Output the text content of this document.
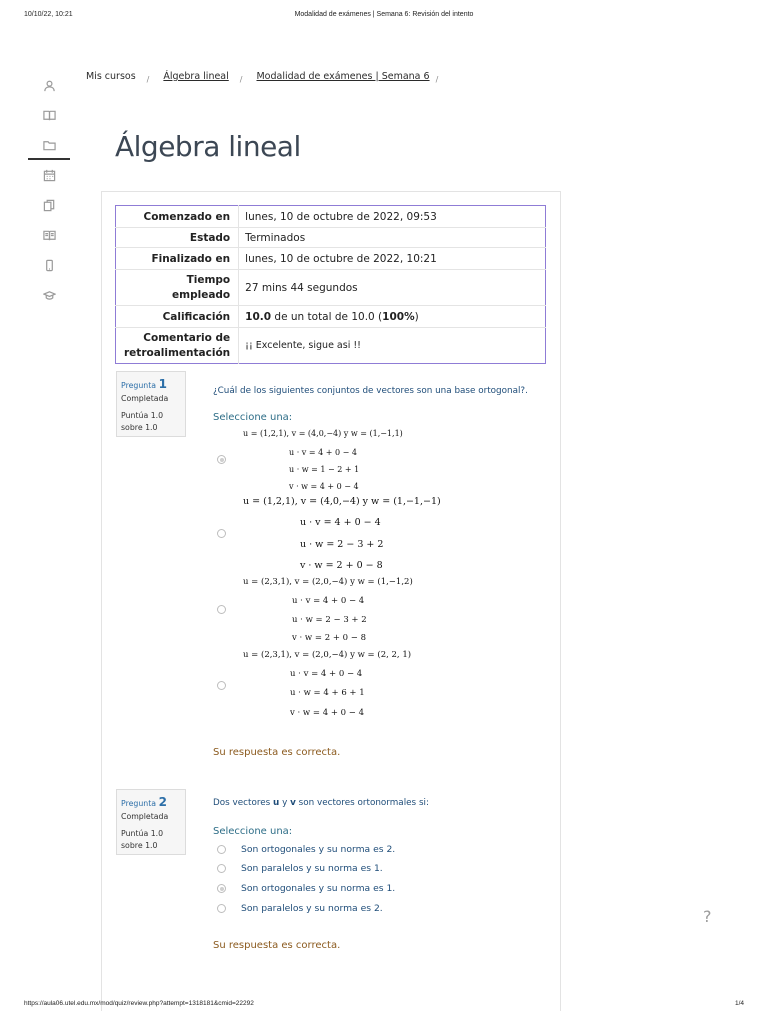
10/10/22, 10:21	Modalidad de exámenes | Semana 6: Revisión del intento
Mis cursos / Álgebra lineal / Modalidad de exámenes | Semana 6 /
Álgebra lineal
Comenzado en	lunes, 10 de octubre de 2022, 09:53
Estado	Terminados
Finalizado en	lunes, 10 de octubre de 2022, 10:21
Tiempo
empleado	27 mins 44 segundos
Calificación	10.0 de un total de 10.0 (100%)
Comentario de
retroalimentación	¡¡ Excelente, sigue asi !!
Pregunta 1
Completada
Puntúa 1.0
sobre 1.0
¿Cuál de los siguientes conjuntos de vectores son una base ortogonal?.
Seleccione una:
u = (1,2,1), v = (4,0,−4) y w = (1,−1,1)
u · v = 4 + 0 − 4
u · w = 1 − 2 + 1
v · w = 4 + 0 − 4
u = (1,2,1), v = (4,0,−4) y w = (1,−1,−1)
u · v = 4 + 0 − 4
u · w = 2 − 3 + 2
v · w = 2 + 0 − 8
u = (2,3,1), v = (2,0,−4) y w = (1,−1,2)
u · v = 4 + 0 − 4
u · w = 2 − 3 + 2
v · w = 2 + 0 − 8
u = (2,3,1), v = (2,0,−4) y w = (2, 2, 1)
u · v = 4 + 0 − 4
u · w = 4 + 6 + 1
v · w = 4 + 0 − 4
Su respuesta es correcta.
Pregunta 2
Completada
Puntúa 1.0
sobre 1.0
Dos vectores u y v son vectores ortonormales si:
Seleccione una:
Son ortogonales y su norma es 2.
Son paralelos y su norma es 1.
Son ortogonales y su norma es 1.
Son paralelos y su norma es 2.
Su respuesta es correcta.
?
https://aula06.utel.edu.mx/mod/quiz/review.php?attempt=1318181&cmid=22292	1/4
